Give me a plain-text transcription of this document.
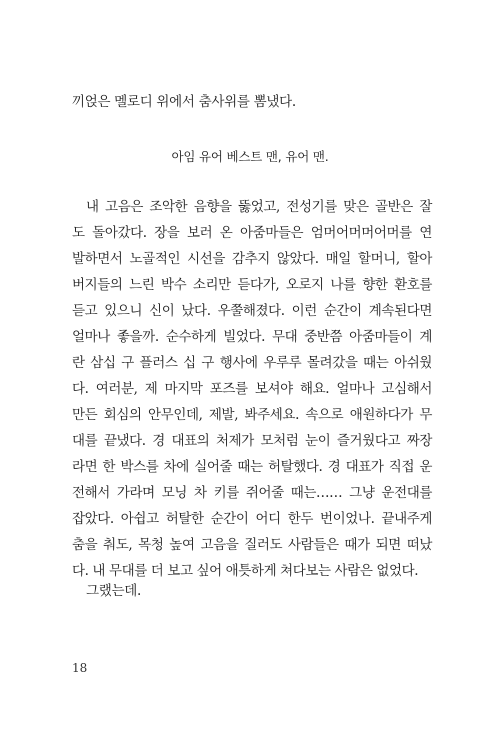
끼얹은 멜로디 위에서 춤사위를 뽐냈다.
아임 유어 베스트 맨, 유어 맨.
내 고음은 조악한 음향을 뚫었고, 전성기를 맞은 골반은 잘
도 돌아갔다. 장을 보러 온 아줌마들은 엄머어머머어머를 연
발하면서 노골적인 시선을 감추지 않았다. 매일 할머니, 할아
버지들의 느린 박수 소리만 듣다가, 오로지 나를 향한 환호를
듣고 있으니 신이 났다. 우쭐해졌다. 이런 순간이 계속된다면
얼마나 좋을까. 순수하게 빌었다. 무대 중반쯤 아줌마들이 계
란 삼십 구 플러스 십 구 행사에 우루루 몰려갔을 때는 아쉬웠
다. 여러분, 제 마지막 포즈를 보셔야 해요. 얼마나 고심해서
만든 회심의 안무인데, 제발, 봐주세요. 속으로 애원하다가 무
대를 끝냈다. 경 대표의 처제가 모처럼 눈이 즐거웠다고 짜장
라면 한 박스를 차에 실어줄 때는 허탈했다. 경 대표가 직접 운
전해서 가라며 모닝 차 키를 쥐어줄 때는…… 그냥 운전대를
잡았다. 아쉽고 허탈한 순간이 어디 한두 번이었나. 끝내주게
춤을 춰도, 목청 높여 고음을 질러도 사람들은 때가 되면 떠났
다. 내 무대를 더 보고 싶어 애틋하게 쳐다보는 사람은 없었다.
그랬는데.
18
